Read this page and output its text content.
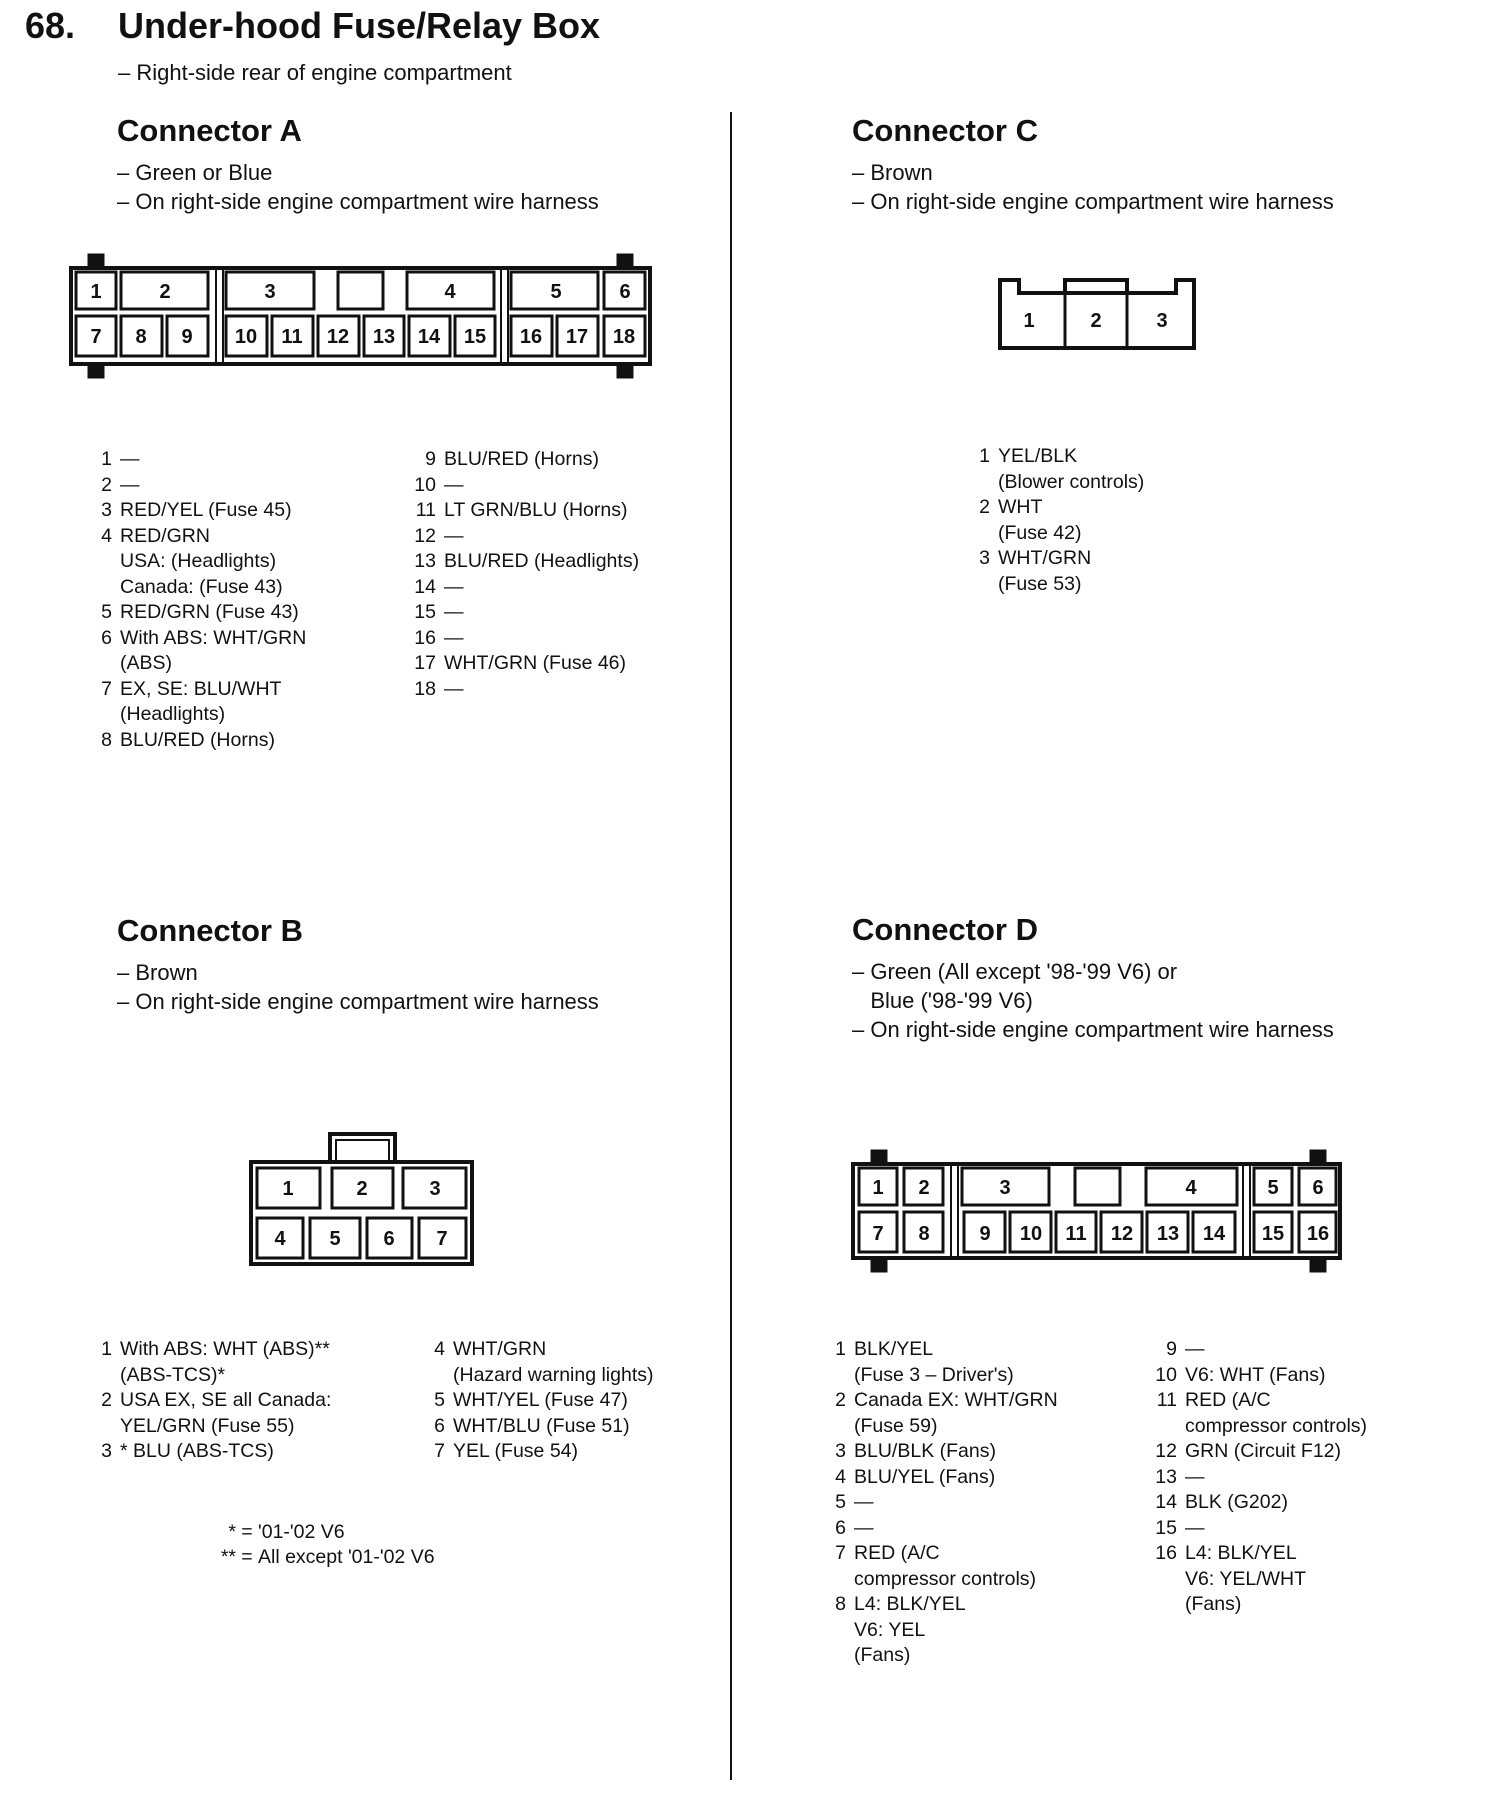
68. Under-hood Fuse/Relay Box
– Right-side rear of engine compartment
Connector A
– Green or Blue
– On right-side engine compartment wire harness
Connector C
– Brown
– On right-side engine compartment wire harness
Connector B
– Brown
– On right-side engine compartment wire harness
Connector D
– Green (All except '98-'99 V6) or
Blue ('98-'99 V6)
– On right-side engine compartment wire harness
1 —
2 —
3 RED/YEL (Fuse 45)
4 RED/GRN
USA: (Headlights)
Canada: (Fuse 43)
5 RED/GRN (Fuse 43)
6 With ABS: WHT/GRN
(ABS)
7 EX, SE: BLU/WHT
(Headlights)
8 BLU/RED (Horns)
9 BLU/RED (Horns)
10 —
11 LT GRN/BLU (Horns)
12 —
13 BLU/RED (Headlights)
14 —
15 —
16 —
17 WHT/GRN (Fuse 46)
18 —
1 YEL/BLK
(Blower controls)
2 WHT
(Fuse 42)
3 WHT/GRN
(Fuse 53)
1 With ABS: WHT (ABS)**
(ABS-TCS)*
2 USA EX, SE all Canada:
YEL/GRN (Fuse 55)
3 * BLU (ABS-TCS)
4 WHT/GRN
(Hazard warning lights)
5 WHT/YEL (Fuse 47)
6 WHT/BLU (Fuse 51)
7 YEL (Fuse 54)
1 BLK/YEL
(Fuse 3 – Driver's)
2 Canada EX: WHT/GRN
(Fuse 59)
3 BLU/BLK (Fans)
4 BLU/YEL (Fans)
5 —
6 —
7 RED (A/C
compressor controls)
8 L4: BLK/YEL
V6: YEL
(Fans)
9 —
10 V6: WHT (Fans)
11 RED (A/C
compressor controls)
12 GRN (Circuit F12)
13 —
14 BLK (G202)
15 —
16 L4: BLK/YEL
V6: YEL/WHT
(Fans)
* = '01-'02 V6
** = All except '01-'02 V6
1	2	3	4	5	6
7 8 9 10 11 12 13 14 15 16 17 18
1	2	3
1	2	3
4 5 6 7
1 2	3	4	5 6
7 8 9 10 11 12 13 14 15 16
